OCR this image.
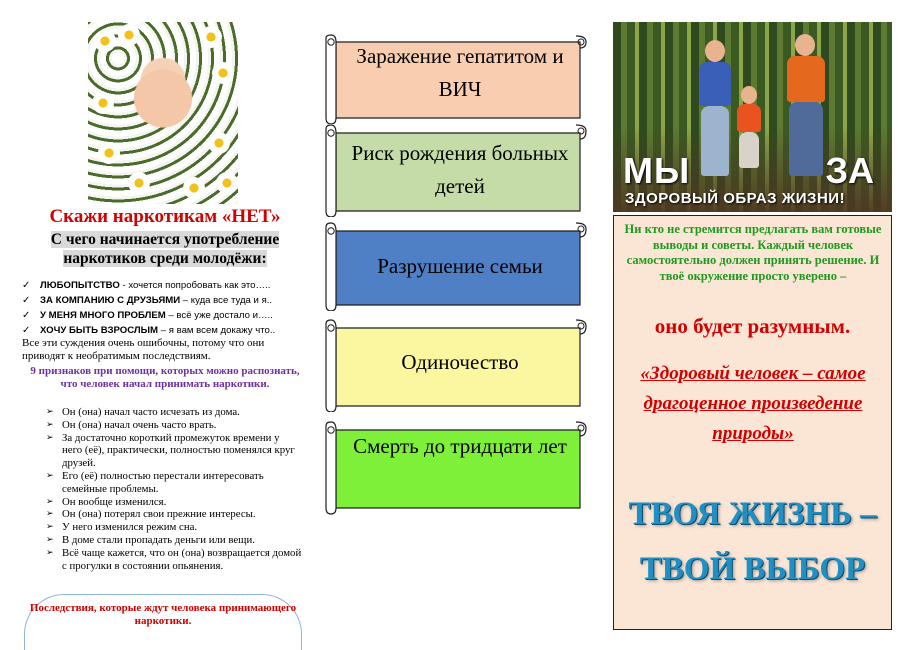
Скажи наркотикам «НЕТ»
С чего начинается употребление наркотиков среди молодёжи:
✓ ЛЮБОПЫТСТВО - хочется попробовать как это…..
✓ ЗА КОМПАНИЮ С ДРУЗЬЯМИ – куда все туда и я..
✓ У МЕНЯ МНОГО ПРОБЛЕМ – всё уже достало и…..
✓ ХОЧУ БЫТЬ ВЗРОСЛЫМ – я вам всем докажу что..
Все эти суждения очень ошибочны, потому что они приводят к необратимым последствиям.
9 признаков при помощи, которых можно распознать, что человек начал принимать наркотики.
➢ Он (она) начал часто исчезать из дома.
➢ Он (она) начал очень часто врать.
➢ За достаточно короткий промежуток времени у него (её), практически, полностью поменялся круг друзей.
➢ Его (её) полностью перестали интересовать семейные проблемы.
➢ Он вообще изменился.
➢ Он (она) потерял свои прежние интересы.
➢ У него изменился режим сна.
➢ В доме стали пропадать деньги или вещи.
➢ Всё чаще кажется, что он (она) возвращается домой с прогулки в состоянии опьянения.
Последствия, которые ждут человека принимающего наркотики.
Заражение гепатитом и ВИЧ
Риск рождения больных детей
Разрушение семьи
Одиночество
Смерть до тридцати лет
МЫ	ЗА
ЗДОРОВЫЙ ОБРАЗ ЖИЗНИ!
Ни кто не стремится предлагать вам готовые выводы и советы. Каждый человек самостоятельно должен принять решение. И твоё окружение просто уверено –
оно будет разумным.
«Здоровый человек – самое драгоценное произведение природы»
ТВОЯ ЖИЗНЬ –
ТВОЙ ВЫБОР
